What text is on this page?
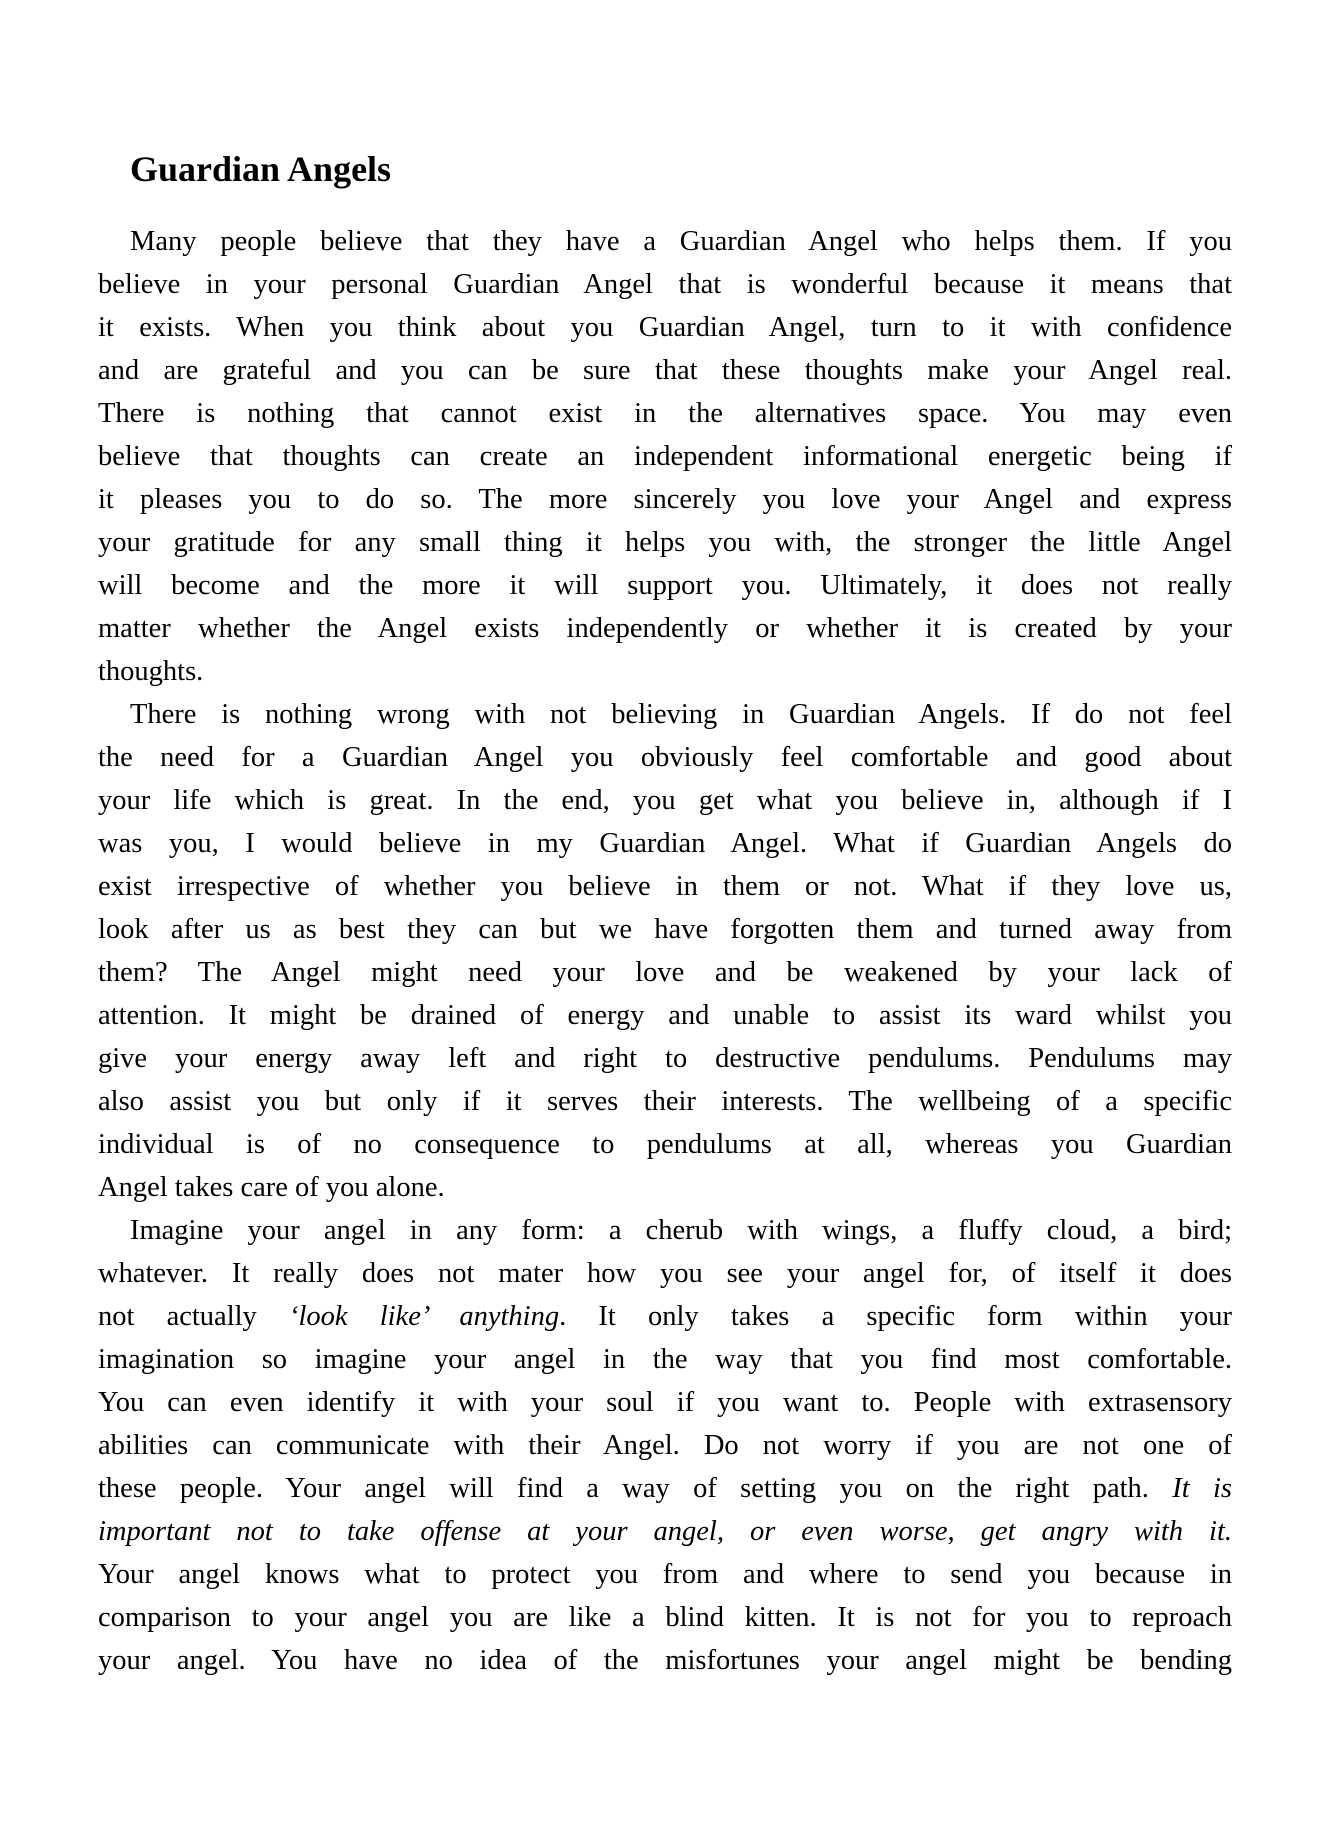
Guardian Angels
Many people believe that they have a Guardian Angel who helps them. If you
believe in your personal Guardian Angel that is wonderful because it means that
it exists. When you think about you Guardian Angel, turn to it with confidence
and are grateful and you can be sure that these thoughts make your Angel real.
There is nothing that cannot exist in the alternatives space. You may even
believe that thoughts can create an independent informational energetic being if
it pleases you to do so. The more sincerely you love your Angel and express
your gratitude for any small thing it helps you with, the stronger the little Angel
will become and the more it will support you. Ultimately, it does not really
matter whether the Angel exists independently or whether it is created by your
thoughts.
There is nothing wrong with not believing in Guardian Angels. If do not feel
the need for a Guardian Angel you obviously feel comfortable and good about
your life which is great. In the end, you get what you believe in, although if I
was you, I would believe in my Guardian Angel. What if Guardian Angels do
exist irrespective of whether you believe in them or not. What if they love us,
look after us as best they can but we have forgotten them and turned away from
them? The Angel might need your love and be weakened by your lack of
attention. It might be drained of energy and unable to assist its ward whilst you
give your energy away left and right to destructive pendulums. Pendulums may
also assist you but only if it serves their interests. The wellbeing of a specific
individual is of no consequence to pendulums at all, whereas you Guardian
Angel takes care of you alone.
Imagine your angel in any form: a cherub with wings, a fluffy cloud, a bird;
whatever. It really does not mater how you see your angel for, of itself it does
not actually ‘look like’ anything. It only takes a specific form within your
imagination so imagine your angel in the way that you find most comfortable.
You can even identify it with your soul if you want to. People with extrasensory
abilities can communicate with their Angel. Do not worry if you are not one of
these people. Your angel will find a way of setting you on the right path. It is
important not to take offense at your angel, or even worse, get angry with it.
Your angel knows what to protect you from and where to send you because in
comparison to your angel you are like a blind kitten. It is not for you to reproach
your angel. You have no idea of the misfortunes your angel might be bending
